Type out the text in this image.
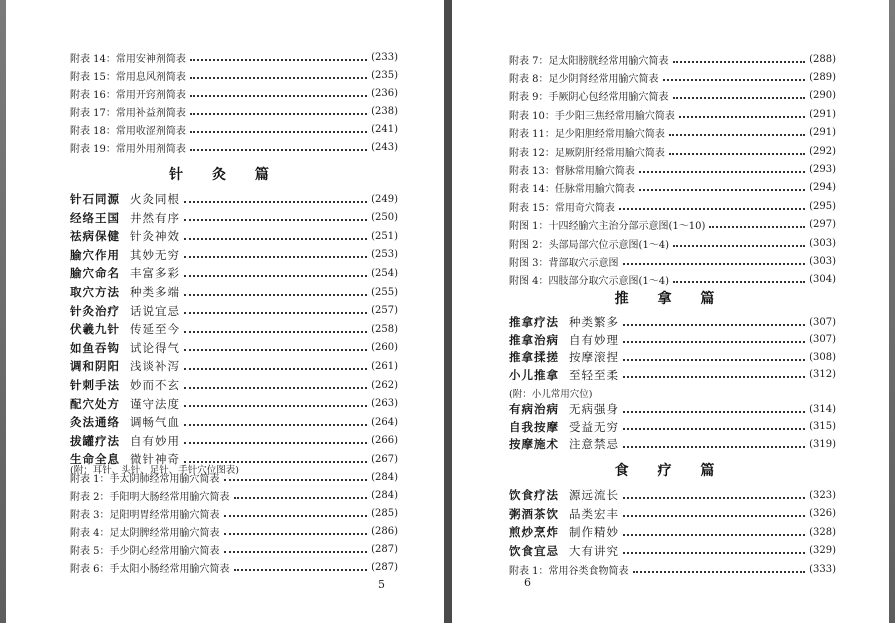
附表 14：常用安神剂简表	(233)
附表 15：常用息风剂简表	(235)
附表 16：常用开窍剂简表	(236)
附表 17：常用补益剂简表	(238)
附表 18：常用收涩剂简表	(241)
附表 19：常用外用剂简表	(243)
针 灸 篇
针石同源 火灸同根	(249)
经络王国 井然有序	(250)
祛病保健 针灸神效	(251)
腧穴作用 其妙无穷	(253)
腧穴命名 丰富多彩	(254)
取穴方法 种类多端	(255)
针灸治疗 话说宜忌	(257)
伏羲九针 传延至今	(258)
如鱼吞钩 试论得气	(260)
调和阴阳 浅谈补泻	(261)
针刺手法 妙而不玄	(262)
配穴处方 谨守法度	(263)
灸法通络 调畅气血	(264)
拔罐疗法 自有妙用	(266)
生命全息 微针神奇	(267)
(附：耳针、头针、足针、手针穴位图表)
附表 1：手太阴肺经常用腧穴简表	(284)
附表 2：手阳明大肠经常用腧穴简表	(284)
附表 3：足阳明胃经常用腧穴简表	(285)
附表 4：足太阴脾经常用腧穴简表	(286)
附表 5：手少阴心经常用腧穴简表	(287)
附表 6：手太阳小肠经常用腧穴简表	(287)
5
附表 7：足太阳膀胱经常用腧穴简表	(288)
附表 8：足少阴肾经常用腧穴简表	(289)
附表 9：手厥阴心包经常用腧穴简表	(290)
附表 10：手少阳三焦经常用腧穴简表	(291)
附表 11：足少阳胆经常用腧穴简表	(291)
附表 12：足厥阴肝经常用腧穴简表	(292)
附表 13：督脉常用腧穴简表	(293)
附表 14：任脉常用腧穴简表	(294)
附表 15：常用奇穴简表	(295)
附图 1：十四经腧穴主治分部示意图(1～10)	(297)
附图 2：头部局部穴位示意图(1～4)	(303)
附图 3：背部取穴示意图	(303)
附图 4：四肢部分取穴示意图(1～4)	(304)
推 拿 篇
推拿疗法 种类繁多	(307)
推拿治病 自有妙理	(307)
推拿揉搓 按摩滚捏	(308)
小儿推拿 至轻至柔	(312)
(附：小儿常用穴位)
有病治病 无病强身	(314)
自我按摩 受益无穷	(315)
按摩施术 注意禁忌	(319)
食 疗 篇
饮食疗法 源远流长	(323)
粥酒茶饮 品类宏丰	(326)
煎炒烹炸 制作精妙	(328)
饮食宜忌 大有讲究	(329)
附表 1：常用谷类食物简表	(333)
6
